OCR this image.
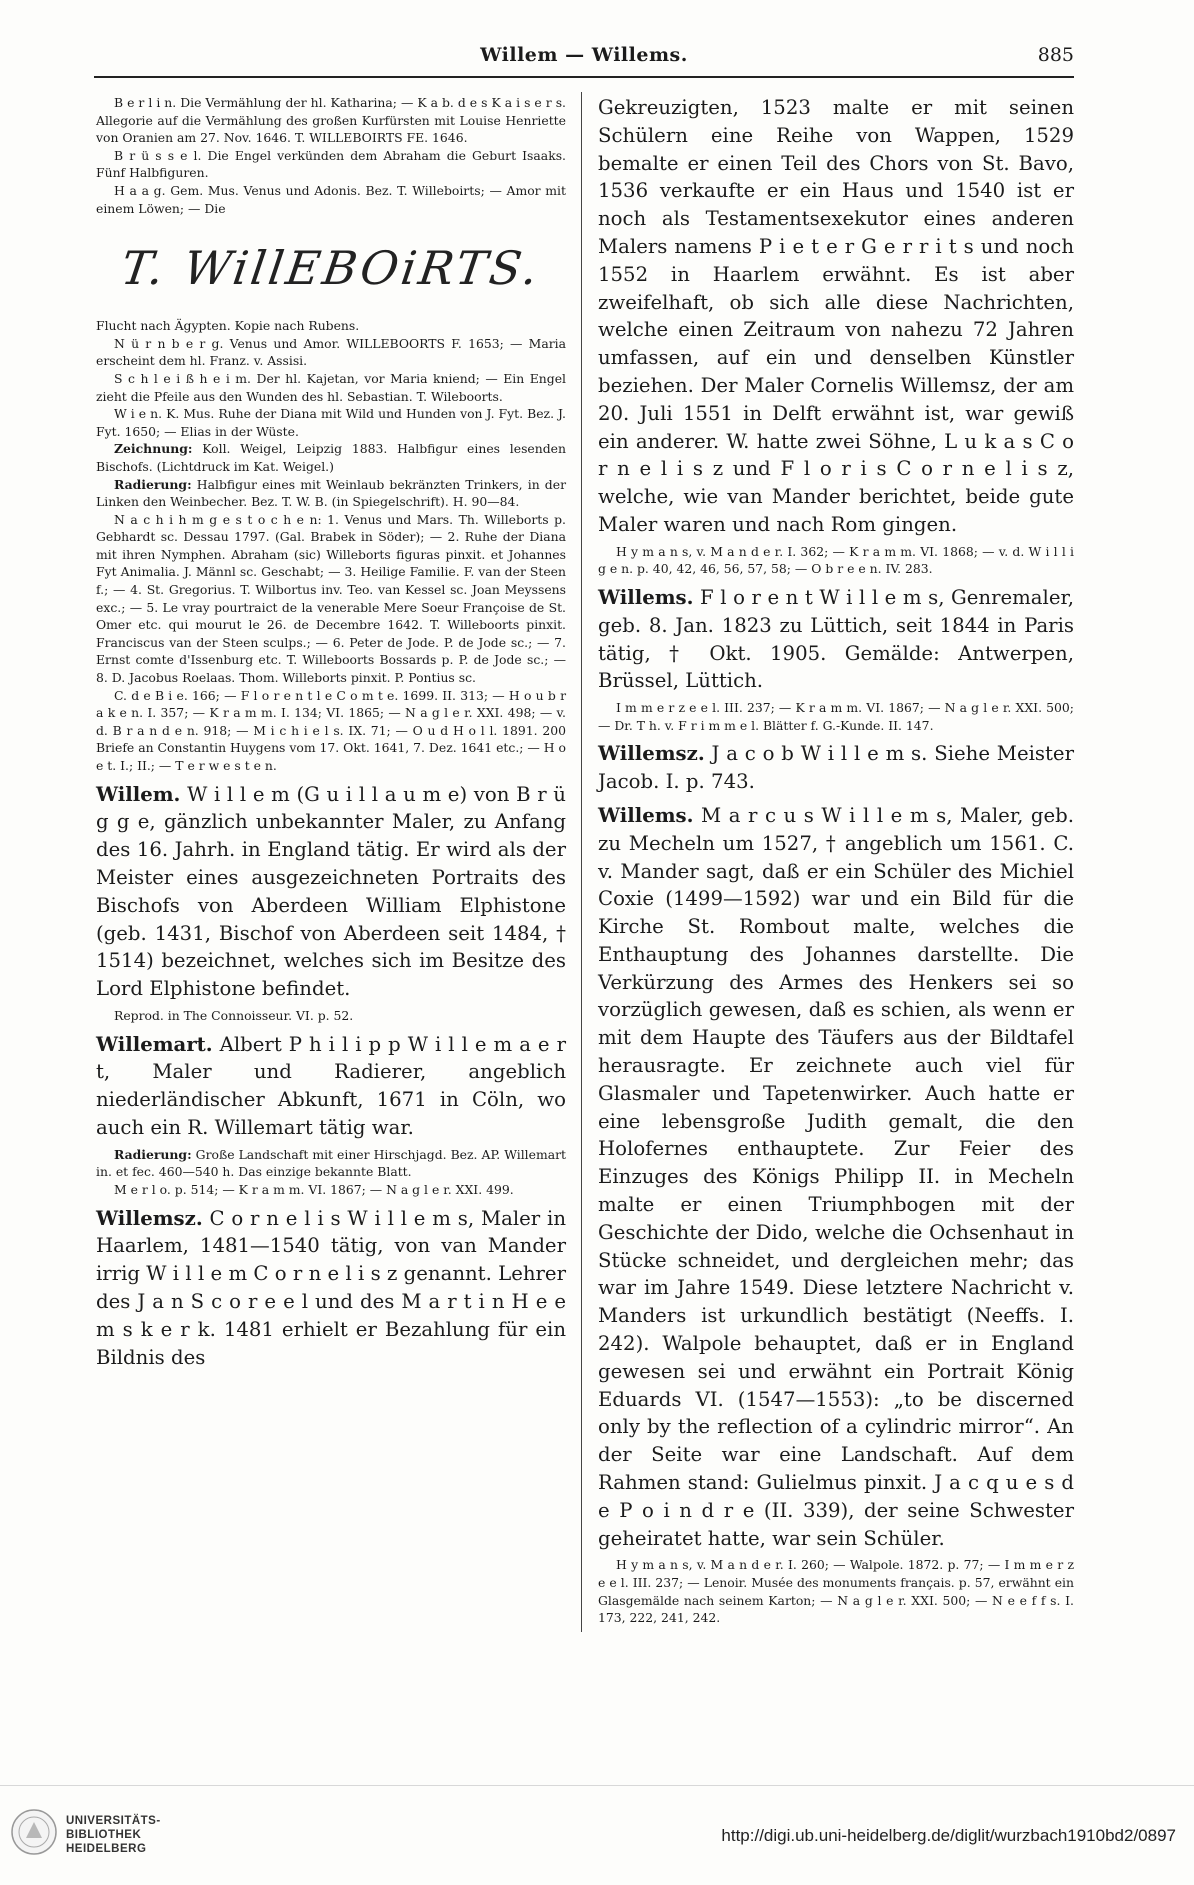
Willem — Willems.	885

B e r l i n. Die Vermählung der hl. Katharina; — K a b. d e s K a i s e r s. Allegorie auf die Vermählung des großen Kurfürsten mit Louise Henriette von Oranien am 27. Nov. 1646. T. WILLEBOIRTS FE. 1646.

B r ü s s e l. Die Engel verkünden dem Abraham die Geburt Isaaks. Fünf Halbfiguren.

H a a g. Gem. Mus. Venus und Adonis. Bez. T. Willeboirts; — Amor mit einem Löwen; — Die

T. WillEBOiRTS.

Flucht nach Ägypten. Kopie nach Rubens.

N ü r n b e r g. Venus und Amor. WILLEBOORTS F. 1653; — Maria erscheint dem hl. Franz. v. Assisi.

S c h l e i ß h e i m. Der hl. Kajetan, vor Maria kniend; — Ein Engel zieht die Pfeile aus den Wunden des hl. Sebastian. T. Wileboorts.

W i e n. K. Mus. Ruhe der Diana mit Wild und Hunden von J. Fyt. Bez. J. Fyt. 1650; — Elias in der Wüste.

Zeichnung: Koll. Weigel, Leipzig 1883. Halbfigur eines lesenden Bischofs. (Lichtdruck im Kat. Weigel.)

Radierung: Halbfigur eines mit Weinlaub bekränzten Trinkers, in der Linken den Weinbecher. Bez. T. W. B. (in Spiegelschrift). H. 90—84.

N a c h i h m g e s t o c h e n: 1. Venus und Mars. Th. Willeborts p. Gebhardt sc. Dessau 1797. (Gal. Brabek in Söder); — 2. Ruhe der Diana mit ihren Nymphen. Abraham (sic) Willeborts figuras pinxit. et Johannes Fyt Animalia. J. Männl sc. Geschabt; — 3. Heilige Familie. F. van der Steen f.; — 4. St. Gregorius. T. Wilbortus inv. Teo. van Kessel sc. Joan Meyssens exc.; — 5. Le vray pourtraict de la venerable Mere Soeur Françoise de St. Omer etc. qui mourut le 26. de Decembre 1642. T. Willeboorts pinxit. Franciscus van der Steen sculps.; — 6. Peter de Jode. P. de Jode sc.; — 7. Ernst comte d'Issenburg etc. T. Willeboorts Bossards p. P. de Jode sc.; — 8. D. Jacobus Roelaas. Thom. Willeborts pinxit. P. Pontius sc.

C. d e B i e. 166; — F l o r e n t l e C o m t e. 1699. II. 313; — H o u b r a k e n. I. 357; — K r a m m. I. 134; VI. 1865; — N a g l e r. XXI. 498; — v. d. B r a n d e n. 918; — M i c h i e l s. IX. 71; — O u d H o l l. 1891. 200 Briefe an Constantin Huygens vom 17. Okt. 1641, 7. Dez. 1641 etc.; — H o e t. I.; II.; — T e r w e s t e n.

Willem. W i l l e m (G u i l l a u m e) von B r ü g g e, gänzlich unbekannter Maler, zu Anfang des 16. Jahrh. in England tätig. Er wird als der Meister eines ausgezeichneten Portraits des Bischofs von Aberdeen William Elphistone (geb. 1431, Bischof von Aberdeen seit 1484, † 1514) bezeichnet, welches sich im Besitze des Lord Elphistone befindet.

Reprod. in The Connoisseur. VI. p. 52.

Willemart. Albert P h i l i p p W i l l e m a e r t, Maler und Radierer, angeblich niederländischer Abkunft, 1671 in Cöln, wo auch ein R. Willemart tätig war.

Radierung: Große Landschaft mit einer Hirschjagd. Bez. AP. Willemart in. et fec. 460—540 h. Das einzige bekannte Blatt.

M e r l o. p. 514; — K r a m m. VI. 1867; — N a g l e r. XXI. 499.

Willemsz. C o r n e l i s W i l l e m s, Maler in Haarlem, 1481—1540 tätig, von van Mander irrig W i l l e m C o r n e l i s z genannt. Lehrer des J a n S c o r e e l und des M a r t i n H e e m s k e r k. 1481 erhielt er Bezahlung für ein Bildnis des

Gekreuzigten, 1523 malte er mit seinen Schülern eine Reihe von Wappen, 1529 bemalte er einen Teil des Chors von St. Bavo, 1536 verkaufte er ein Haus und 1540 ist er noch als Testamentsexekutor eines anderen Malers namens P i e t e r G e r r i t s und noch 1552 in Haarlem erwähnt. Es ist aber zweifelhaft, ob sich alle diese Nachrichten, welche einen Zeitraum von nahezu 72 Jahren umfassen, auf ein und denselben Künstler beziehen. Der Maler Cornelis Willemsz, der am 20. Juli 1551 in Delft erwähnt ist, war gewiß ein anderer. W. hatte zwei Söhne, L u k a s C o r n e l i s z und F l o r i s C o r n e l i s z, welche, wie van Mander berichtet, beide gute Maler waren und nach Rom gingen.

H y m a n s, v. M a n d e r. I. 362; — K r a m m. VI. 1868; — v. d. W i l l i g e n. p. 40, 42, 46, 56, 57, 58; — O b r e e n. IV. 283.

Willems. F l o r e n t W i l l e m s, Genremaler, geb. 8. Jan. 1823 zu Lüttich, seit 1844 in Paris tätig, † Okt. 1905. Gemälde: Antwerpen, Brüssel, Lüttich.

I m m e r z e e l. III. 237; — K r a m m. VI. 1867; — N a g l e r. XXI. 500; — Dr. T h. v. F r i m m e l. Blätter f. G.-Kunde. II. 147.

Willemsz. J a c o b W i l l e m s. Siehe Meister Jacob. I. p. 743.

Willems. M a r c u s W i l l e m s, Maler, geb. zu Mecheln um 1527, † angeblich um 1561. C. v. Mander sagt, daß er ein Schüler des Michiel Coxie (1499—1592) war und ein Bild für die Kirche St. Rombout malte, welches die Enthauptung des Johannes darstellte. Die Verkürzung des Armes des Henkers sei so vorzüglich gewesen, daß es schien, als wenn er mit dem Haupte des Täufers aus der Bildtafel herausragte. Er zeichnete auch viel für Glasmaler und Tapetenwirker. Auch hatte er eine lebensgroße Judith gemalt, die den Holofernes enthauptete. Zur Feier des Einzuges des Königs Philipp II. in Mecheln malte er einen Triumphbogen mit der Geschichte der Dido, welche die Ochsenhaut in Stücke schneidet, und dergleichen mehr; das war im Jahre 1549. Diese letztere Nachricht v. Manders ist urkundlich bestätigt (Neeffs. I. 242). Walpole behauptet, daß er in England gewesen sei und erwähnt ein Portrait König Eduards VI. (1547—1553): „to be discerned only by the reflection of a cylindric mirror“. An der Seite war eine Landschaft. Auf dem Rahmen stand: Gulielmus pinxit. J a c q u e s d e P o i n d r e (II. 339), der seine Schwester geheiratet hatte, war sein Schüler.

H y m a n s, v. M a n d e r. I. 260; — Walpole. 1872. p. 77; — I m m e r z e e l. III. 237; — Lenoir. Musée des monuments français. p. 57, erwähnt ein Glasgemälde nach seinem Karton; — N a g l e r. XXI. 500; — N e e f f s. I. 173, 222, 241, 242.

UNIVERSITÄTS-
BIBLIOTHEK
HEIDELBERG
http://digi.ub.uni-heidelberg.de/diglit/wurzbach1910bd2/0897
